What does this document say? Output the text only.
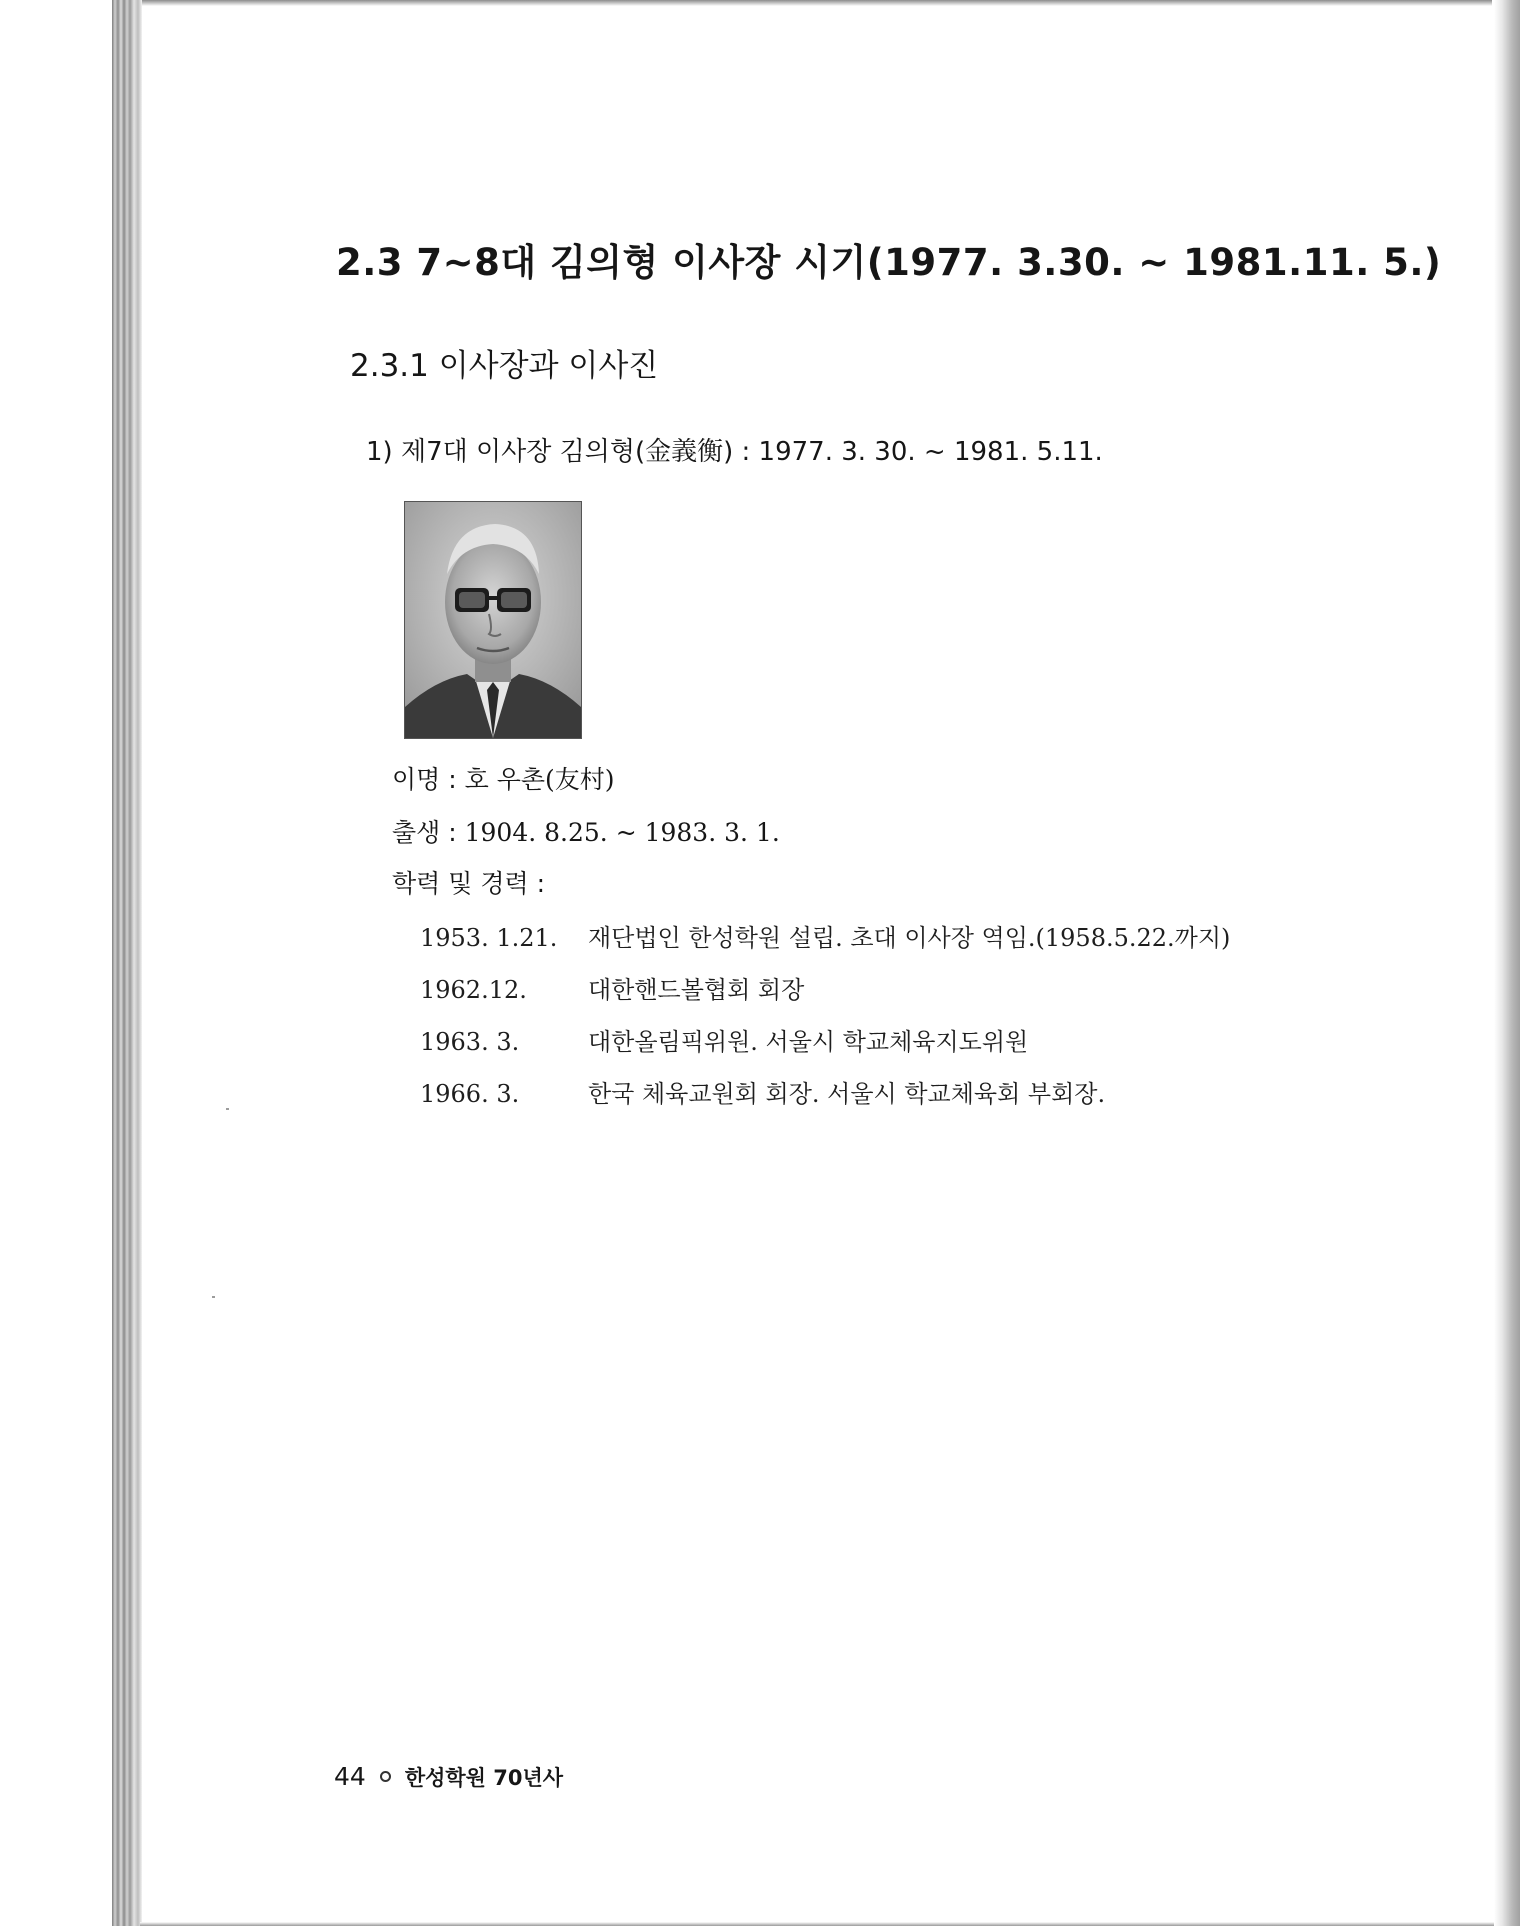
2.3 7~8대 김의형 이사장 시기(1977. 3.30. ~ 1981.11. 5.)
2.3.1 이사장과 이사진
1) 제7대 이사장 김의형(金義衡) : 1977. 3. 30. ~ 1981. 5.11.
이명 : 호 우촌(友村)
출생 : 1904. 8.25. ~ 1983. 3. 1.
학력 및 경력 :
1953. 1.21. 재단법인 한성학원 설립. 초대 이사장 역임.(1958.5.22.까지)
1962.12.	대한핸드볼협회 회장
1963. 3.	대한올림픽위원. 서울시 학교체육지도위원
1966. 3.	한국 체육교원회 회장. 서울시 학교체육회 부회장.
44 한성학원 70년사
